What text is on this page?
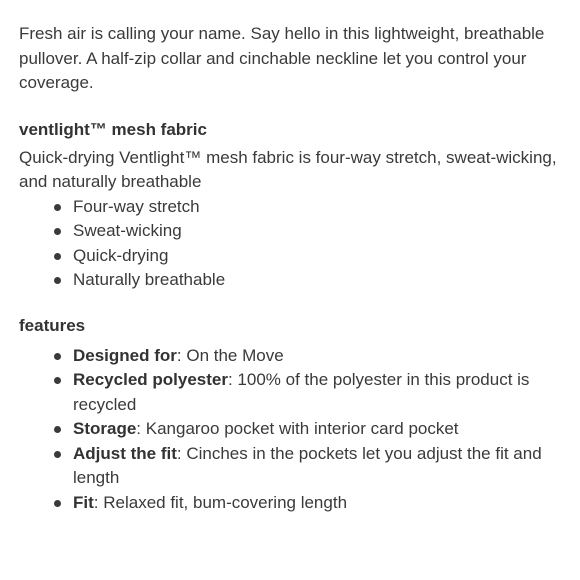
Fresh air is calling your name. Say hello in this lightweight, breathable pullover. A half-zip collar and cinchable neckline let you control your coverage.

ventlight™ mesh fabric

Quick-drying Ventlight™ mesh fabric is four-way stretch, sweat-wicking, and naturally breathable

Four-way stretch
Sweat-wicking
Quick-drying
Naturally breathable
features
Designed for: On the Move
Recycled polyester: 100% of the polyester in this product is recycled
Storage: Kangaroo pocket with interior card pocket
Adjust the fit: Cinches in the pockets let you adjust the fit and length
Fit: Relaxed fit, bum-covering length
